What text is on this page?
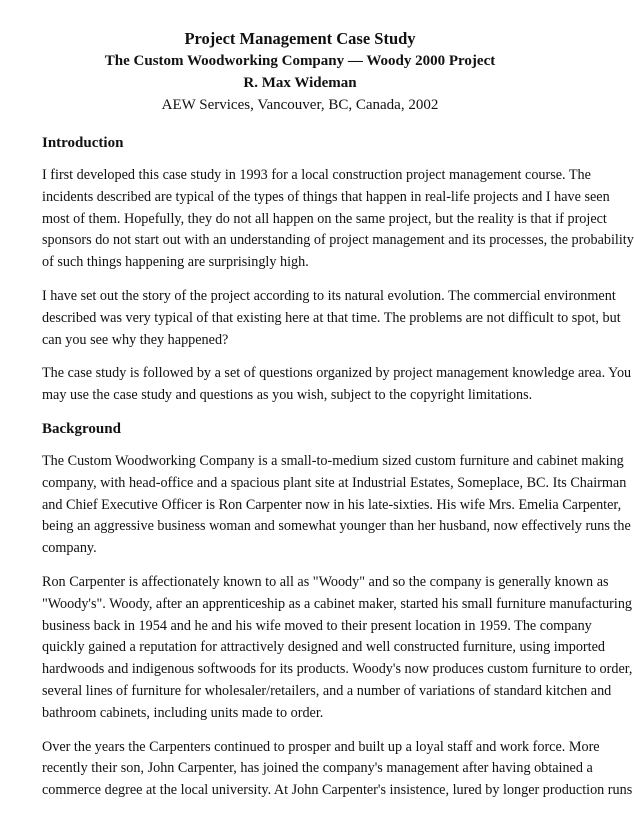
Project Management Case Study
The Custom Woodworking Company — Woody 2000 Project
R. Max Wideman
AEW Services, Vancouver, BC, Canada, 2002
Introduction
I first developed this case study in 1993 for a local construction project management course. The
incidents described are typical of the types of things that happen in real-life projects and I have seen
most of them. Hopefully, they do not all happen on the same project, but the reality is that if project
sponsors do not start out with an understanding of project management and its processes, the probability
of such things happening are surprisingly high.
I have set out the story of the project according to its natural evolution. The commercial environment
described was very typical of that existing here at that time. The problems are not difficult to spot, but
can you see why they happened?
The case study is followed by a set of questions organized by project management knowledge area. You
may use the case study and questions as you wish, subject to the copyright limitations.
Background
The Custom Woodworking Company is a small-to-medium sized custom furniture and cabinet making
company, with head-office and a spacious plant site at Industrial Estates, Someplace, BC. Its Chairman
and Chief Executive Officer is Ron Carpenter now in his late-sixties. His wife Mrs. Emelia Carpenter,
being an aggressive business woman and somewhat younger than her husband, now effectively runs the
company.
Ron Carpenter is affectionately known to all as "Woody" and so the company is generally known as
"Woody's". Woody, after an apprenticeship as a cabinet maker, started his small furniture manufacturing
business back in 1954 and he and his wife moved to their present location in 1959. The company
quickly gained a reputation for attractively designed and well constructed furniture, using imported
hardwoods and indigenous softwoods for its products. Woody's now produces custom furniture to order,
several lines of furniture for wholesaler/retailers, and a number of variations of standard kitchen and
bathroom cabinets, including units made to order.
Over the years the Carpenters continued to prosper and built up a loyal staff and work force. More
recently their son, John Carpenter, has joined the company's management after having obtained a
commerce degree at the local university. At John Carpenter's insistence, lured by longer production runs
